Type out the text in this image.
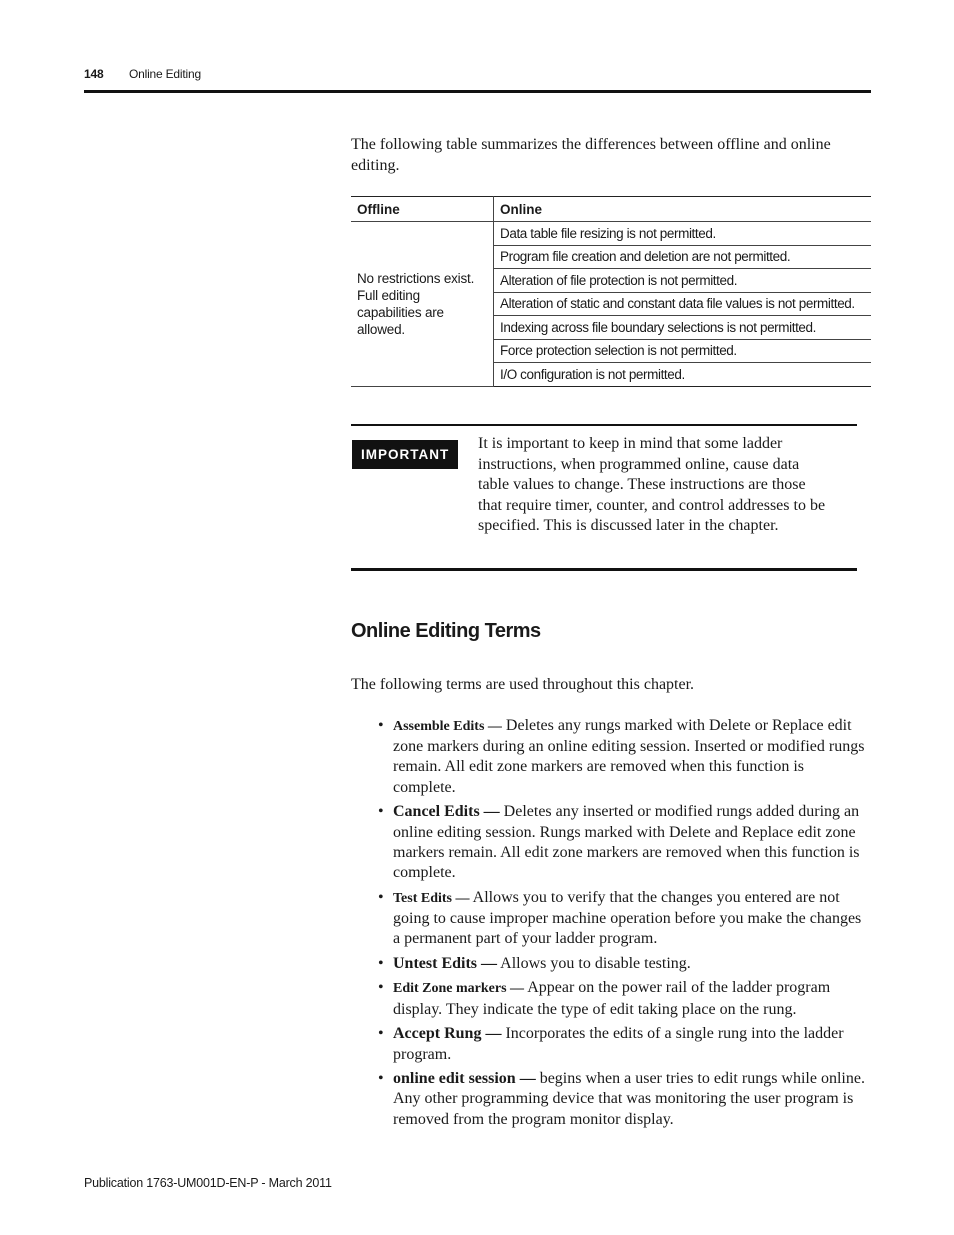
148 Online Editing

The following table summarizes the differences between offline and online editing.

Offline	Online
No restrictions exist. Full editing capabilities are allowed.	Data table file resizing is not permitted.
	Program file creation and deletion are not permitted.
	Alteration of file protection is not permitted.
	Alteration of static and constant data file values is not permitted.
	Indexing across file boundary selections is not permitted.
	Force protection selection is not permitted.
	I/O configuration is not permitted.
IMPORTANT

It is important to keep in mind that some ladder instructions, when programmed online, cause data table values to change. These instructions are those that require timer, counter, and control addresses to be specified. This is discussed later in the chapter.

Online Editing Terms

The following terms are used throughout this chapter.

• Assemble Edits — Deletes any rungs marked with Delete or Replace edit zone markers during an online editing session. Inserted or modified rungs remain. All edit zone markers are removed when this function is complete.
• Cancel Edits — Deletes any inserted or modified rungs added during an online editing session. Rungs marked with Delete and Replace edit zone markers remain. All edit zone markers are removed when this function is complete.
• Test Edits — Allows you to verify that the changes you entered are not going to cause improper machine operation before you make the changes a permanent part of your ladder program.
• Untest Edits — Allows you to disable testing.
• Edit Zone markers — Appear on the power rail of the ladder program display. They indicate the type of edit taking place on the rung.
• Accept Rung — Incorporates the edits of a single rung into the ladder program.
• online edit session — begins when a user tries to edit rungs while online. Any other programming device that was monitoring the user program is removed from the program monitor display.
Publication 1763-UM001D-EN-P - March 2011
